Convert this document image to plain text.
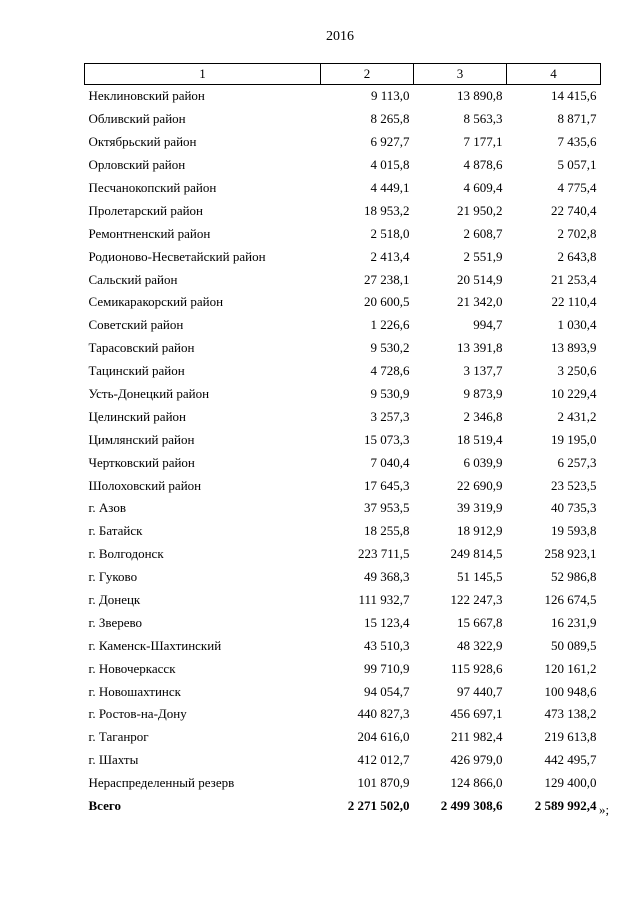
2016
1	2	3	4
Неклиновский район	9 113,0	13 890,8	14 415,6
Обливский район	8 265,8	8 563,3	8 871,7
Октябрьский район	6 927,7	7 177,1	7 435,6
Орловский район	4 015,8	4 878,6	5 057,1
Песчанокопский район	4 449,1	4 609,4	4 775,4
Пролетарский район	18 953,2	21 950,2	22 740,4
Ремонтненский район	2 518,0	2 608,7	2 702,8
Родионово-Несветайский район	2 413,4	2 551,9	2 643,8
Сальский район	27 238,1	20 514,9	21 253,4
Семикаракорский район	20 600,5	21 342,0	22 110,4
Советский район	1 226,6	994,7	1 030,4
Тарасовский район	9 530,2	13 391,8	13 893,9
Тацинский район	4 728,6	3 137,7	3 250,6
Усть-Донецкий район	9 530,9	9 873,9	10 229,4
Целинский район	3 257,3	2 346,8	2 431,2
Цимлянский район	15 073,3	18 519,4	19 195,0
Чертковский район	7 040,4	6 039,9	6 257,3
Шолоховский район	17 645,3	22 690,9	23 523,5
г. Азов	37 953,5	39 319,9	40 735,3
г. Батайск	18 255,8	18 912,9	19 593,8
г. Волгодонск	223 711,5	249 814,5	258 923,1
г. Гуково	49 368,3	51 145,5	52 986,8
г. Донецк	111 932,7	122 247,3	126 674,5
г. Зверево	15 123,4	15 667,8	16 231,9
г. Каменск-Шахтинский	43 510,3	48 322,9	50 089,5
г. Новочеркасск	99 710,9	115 928,6	120 161,2
г. Новошахтинск	94 054,7	97 440,7	100 948,6
г. Ростов-на-Дону	440 827,3	456 697,1	473 138,2
г. Таганрог	204 616,0	211 982,4	219 613,8
г. Шахты	412 012,7	426 979,0	442 495,7
Нераспределенный резерв	101 870,9	124 866,0	129 400,0
Всего	2 271 502,0	2 499 308,6	2 589 992,4 »;
